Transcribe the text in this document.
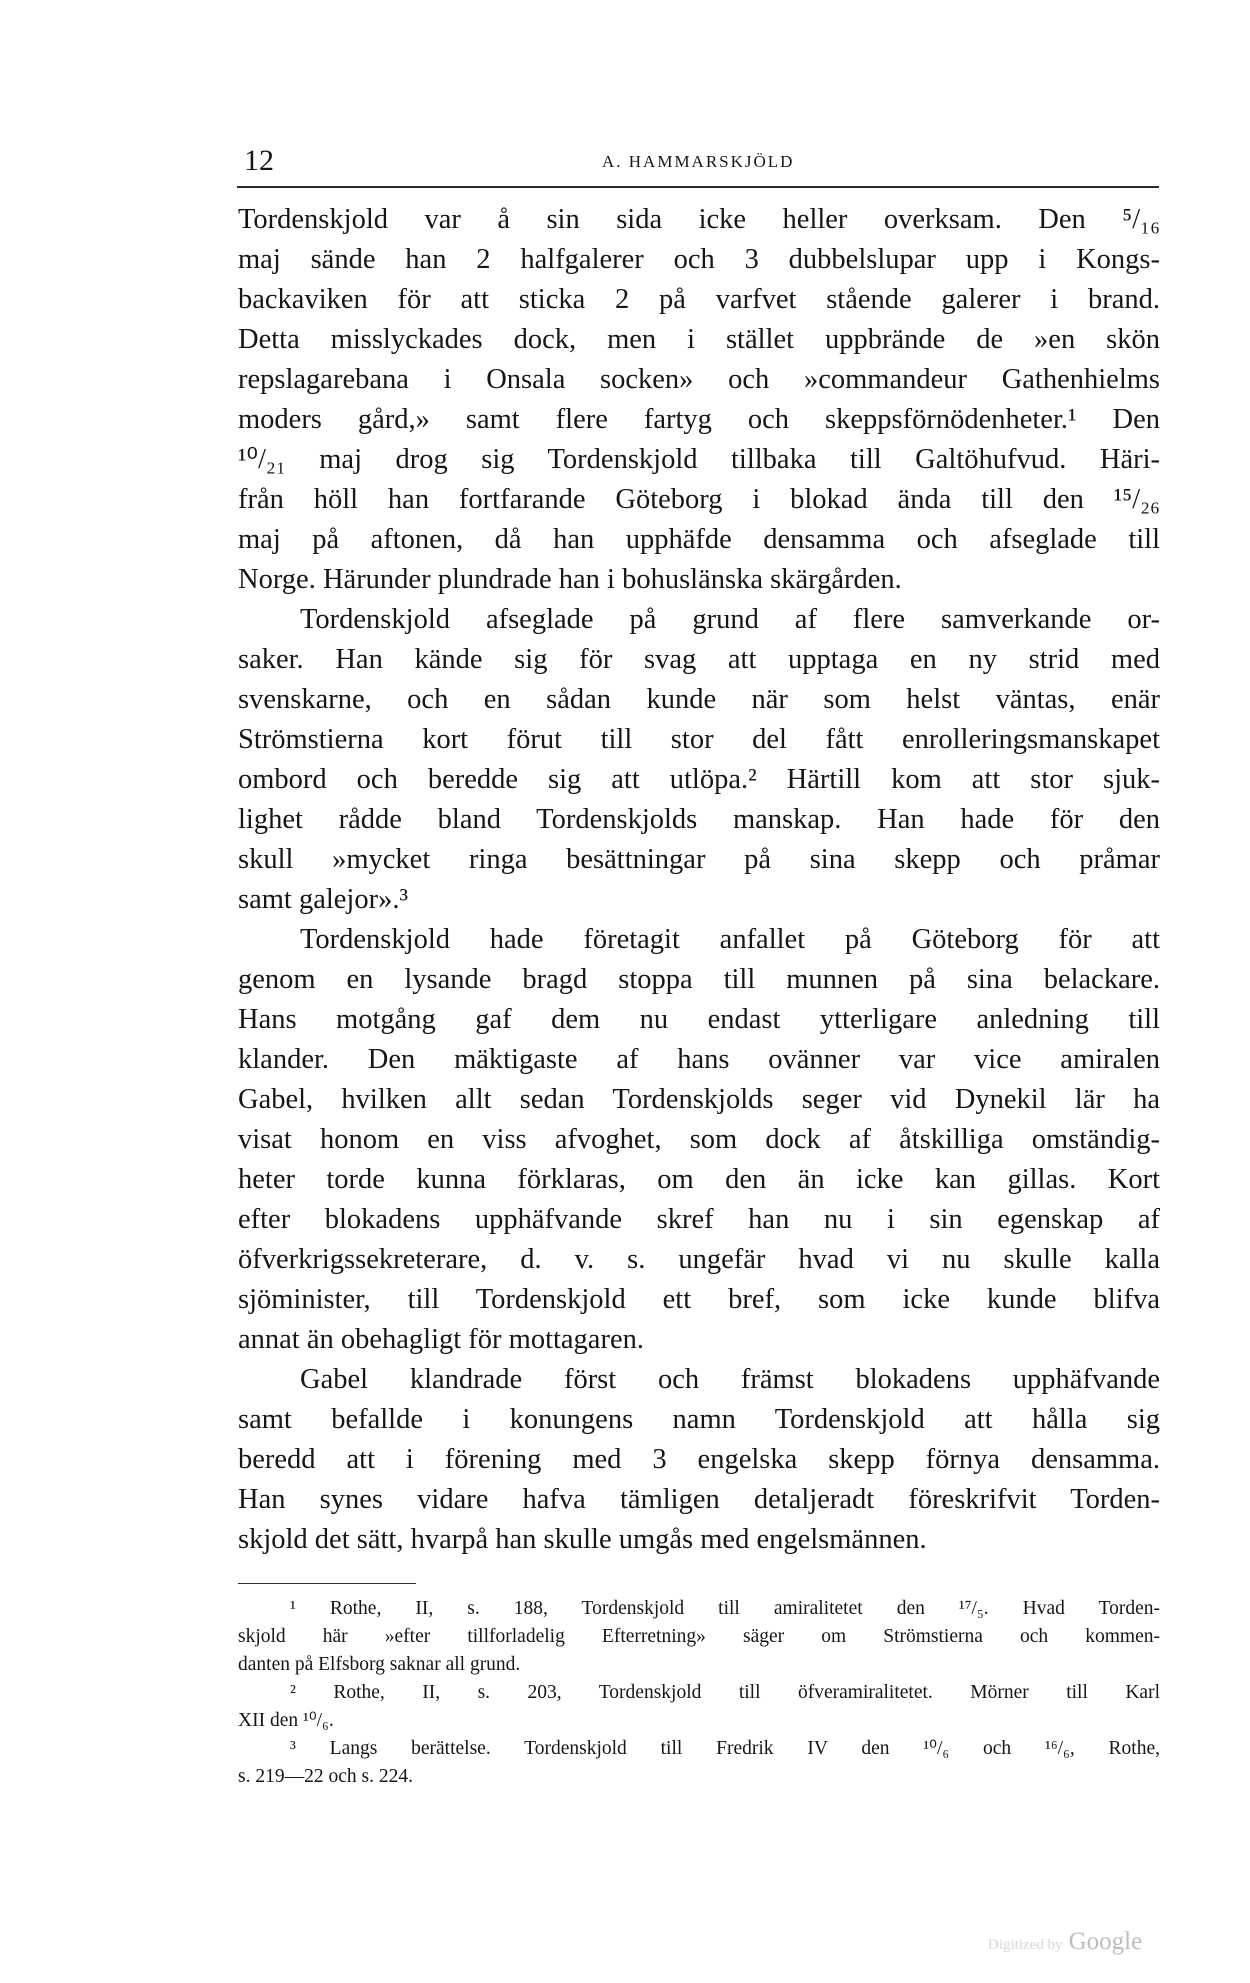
12	A. HAMMARSKJÖLD
Tordenskjold var å sin sida icke heller overksam. Den ⁵/₁₆
maj sände han 2 halfgalerer och 3 dubbelslupar upp i Kongs-
backaviken för att sticka 2 på varfvet stående galerer i brand.
Detta misslyckades dock, men i stället uppbrände de »en skön
repslagarebana i Onsala socken» och »commandeur Gathenhielms
moders gård,» samt flere fartyg och skeppsförnödenheter.¹ Den
¹⁰/₂₁ maj drog sig Tordenskjold tillbaka till Galtöhufvud. Häri-
från höll han fortfarande Göteborg i blokad ända till den ¹⁵/₂₆
maj på aftonen, då han upphäfde densamma och afseglade till
Norge. Härunder plundrade han i bohuslänska skärgården.
Tordenskjold afseglade på grund af flere samverkande or-
saker. Han kände sig för svag att upptaga en ny strid med
svenskarne, och en sådan kunde när som helst väntas, enär
Strömstierna kort förut till stor del fått enrolleringsmanskapet
ombord och beredde sig att utlöpa.² Härtill kom att stor sjuk-
lighet rådde bland Tordenskjolds manskap. Han hade för den
skull »mycket ringa besättningar på sina skepp och pråmar
samt galejor».³
Tordenskjold hade företagit anfallet på Göteborg för att
genom en lysande bragd stoppa till munnen på sina belackare.
Hans motgång gaf dem nu endast ytterligare anledning till
klander. Den mäktigaste af hans ovänner var vice amiralen
Gabel, hvilken allt sedan Tordenskjolds seger vid Dynekil lär ha
visat honom en viss afvoghet, som dock af åtskilliga omständig-
heter torde kunna förklaras, om den än icke kan gillas. Kort
efter blokadens upphäfvande skref han nu i sin egenskap af
öfverkrigssekreterare, d. v. s. ungefär hvad vi nu skulle kalla
sjöminister, till Tordenskjold ett bref, som icke kunde blifva
annat än obehagligt för mottagaren.
Gabel klandrade först och främst blokadens upphäfvande
samt befallde i konungens namn Tordenskjold att hålla sig
beredd att i förening med 3 engelska skepp förnya densamma.
Han synes vidare hafva tämligen detaljeradt föreskrifvit Torden-
skjold det sätt, hvarpå han skulle umgås med engelsmännen.
¹ Rothe, II, s. 188, Tordenskjold till amiralitetet den ¹⁷/₅. Hvad Torden-
skjold här »efter tillforladelig Efterretning» säger om Strömstierna och kommen-
danten på Elfsborg saknar all grund.
² Rothe, II, s. 203, Tordenskjold till öfveramiralitetet. Mörner till Karl
XII den ¹⁰/₆.
³ Langs berättelse. Tordenskjold till Fredrik IV den ¹⁰/₆ och ¹⁶/₆, Rothe,
s. 219—22 och s. 224.
Digitized by Google
